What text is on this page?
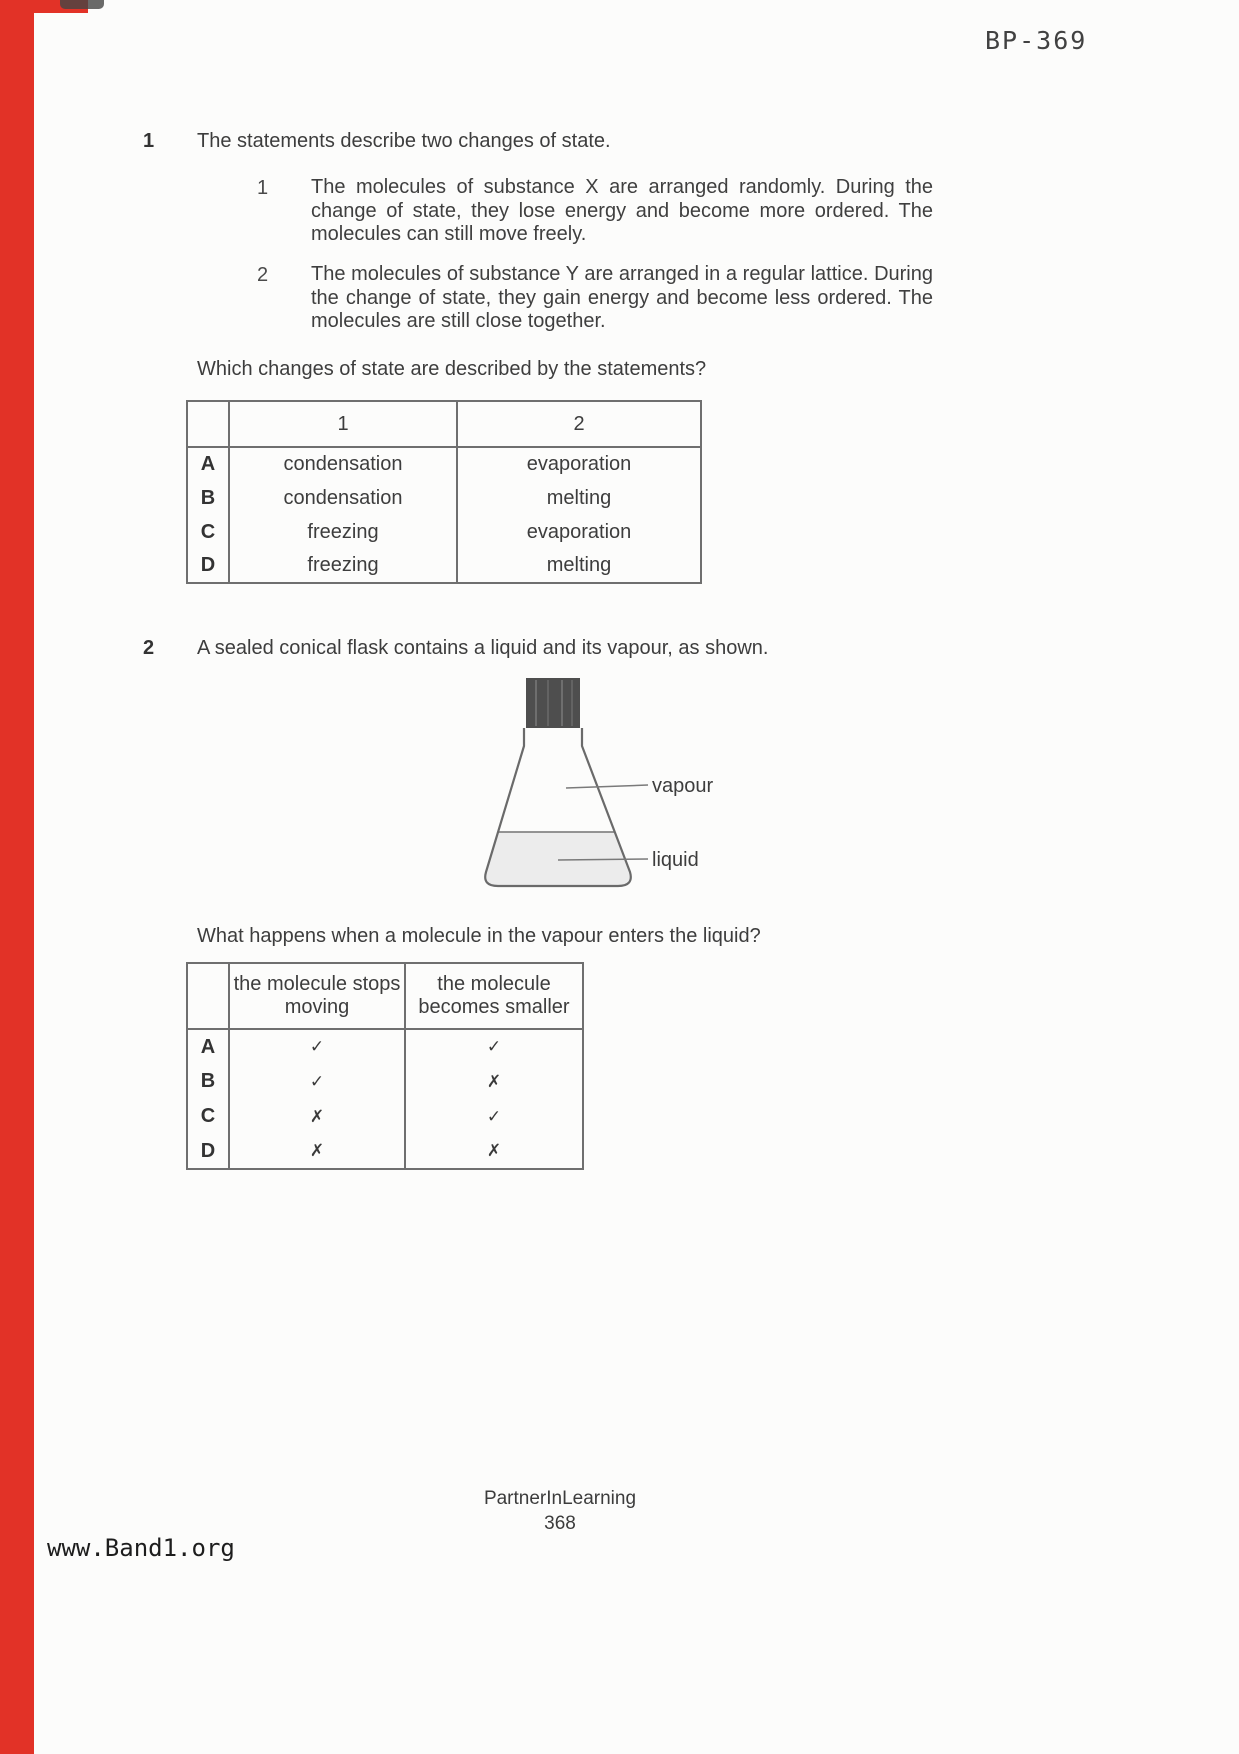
BP-369
1 The statements describe two changes of state.
1 The molecules of substance X are arranged randomly. During the change of state, they lose energy and become more ordered. The molecules can still move freely.
2 The molecules of substance Y are arranged in a regular lattice. During the change of state, they gain energy and become less ordered. The molecules are still close together.
Which changes of state are described by the statements?
	1	2
A	condensation	evaporation
B	condensation	melting
C	freezing	evaporation
D	freezing	melting
2 A sealed conical flask contains a liquid and its vapour, as shown.
vapour
liquid
What happens when a molecule in the vapour enters the liquid?
	the molecule stops moving	the molecule becomes smaller
A	✓	✓
B	✓	✗
C	✗	✓
D	✗	✗
PartnerInLearning
368
www.Band1.org
